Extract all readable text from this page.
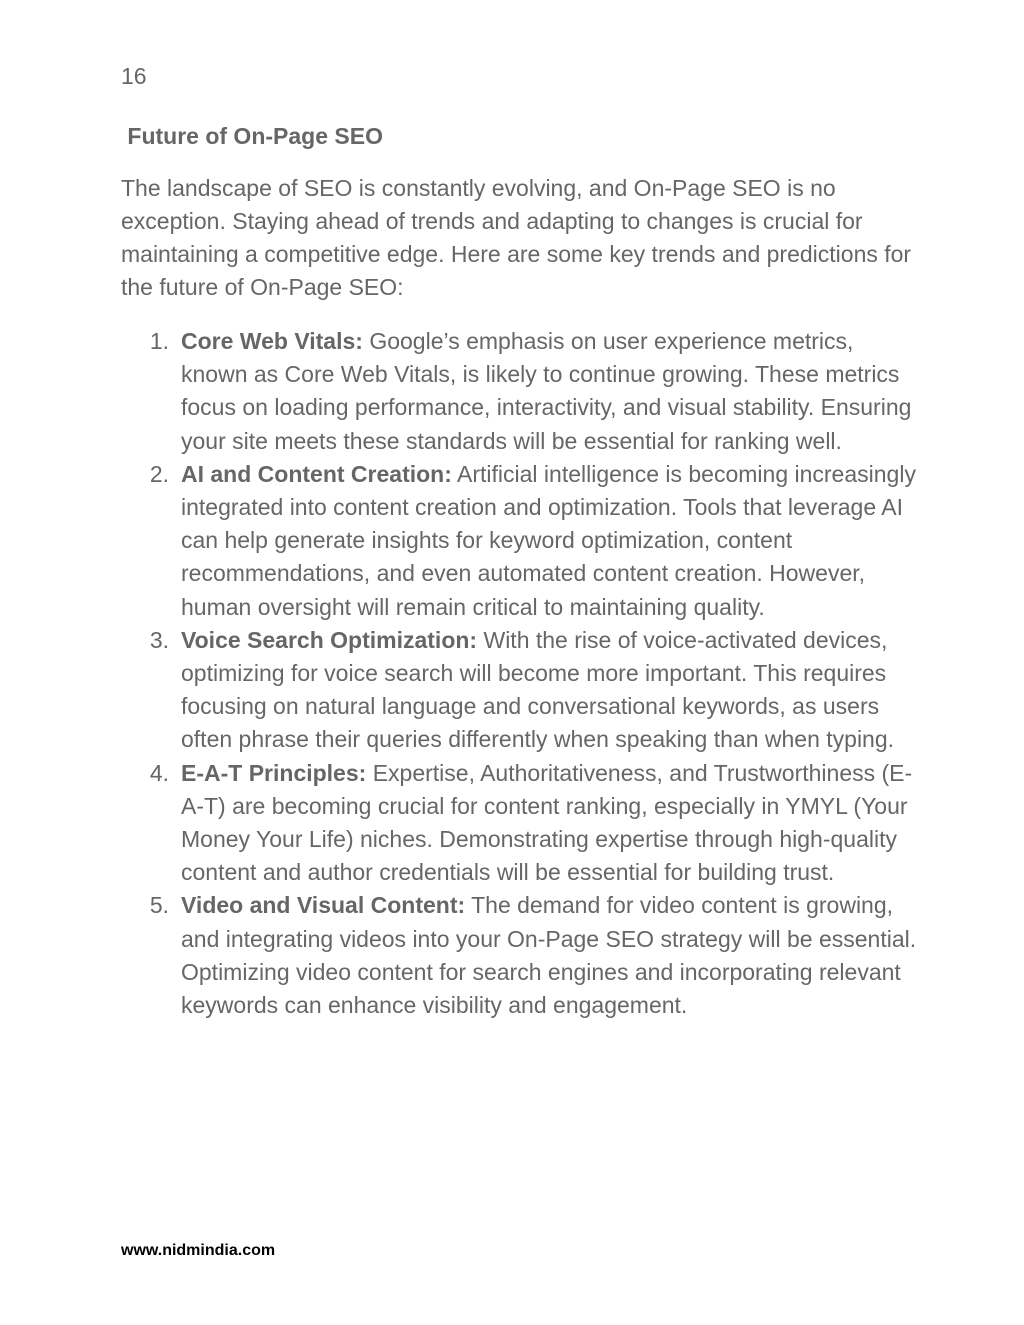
16
Future of On-Page SEO

The landscape of SEO is constantly evolving, and On-Page SEO is no exception. Staying ahead of trends and adapting to changes is crucial for maintaining a competitive edge. Here are some key trends and predictions for the future of On-Page SEO:

1. Core Web Vitals: Google’s emphasis on user experience metrics, known as Core Web Vitals, is likely to continue growing. These metrics focus on loading performance, interactivity, and visual stability. Ensuring your site meets these standards will be essential for ranking well.
2. AI and Content Creation: Artificial intelligence is becoming increasingly integrated into content creation and optimization. Tools that leverage AI can help generate insights for keyword optimization, content recommendations, and even automated content creation. However, human oversight will remain critical to maintaining quality.
3. Voice Search Optimization: With the rise of voice-activated devices, optimizing for voice search will become more important. This requires focusing on natural language and conversational keywords, as users often phrase their queries differently when speaking than when typing.
4. E-A-T Principles: Expertise, Authoritativeness, and Trustworthiness (E-A-T) are becoming crucial for content ranking, especially in YMYL (Your Money Your Life) niches. Demonstrating expertise through high-quality content and author credentials will be essential for building trust.
5. Video and Visual Content: The demand for video content is growing, and integrating videos into your On-Page SEO strategy will be essential. Optimizing video content for search engines and incorporating relevant keywords can enhance visibility and engagement.
www.nidmindia.com
